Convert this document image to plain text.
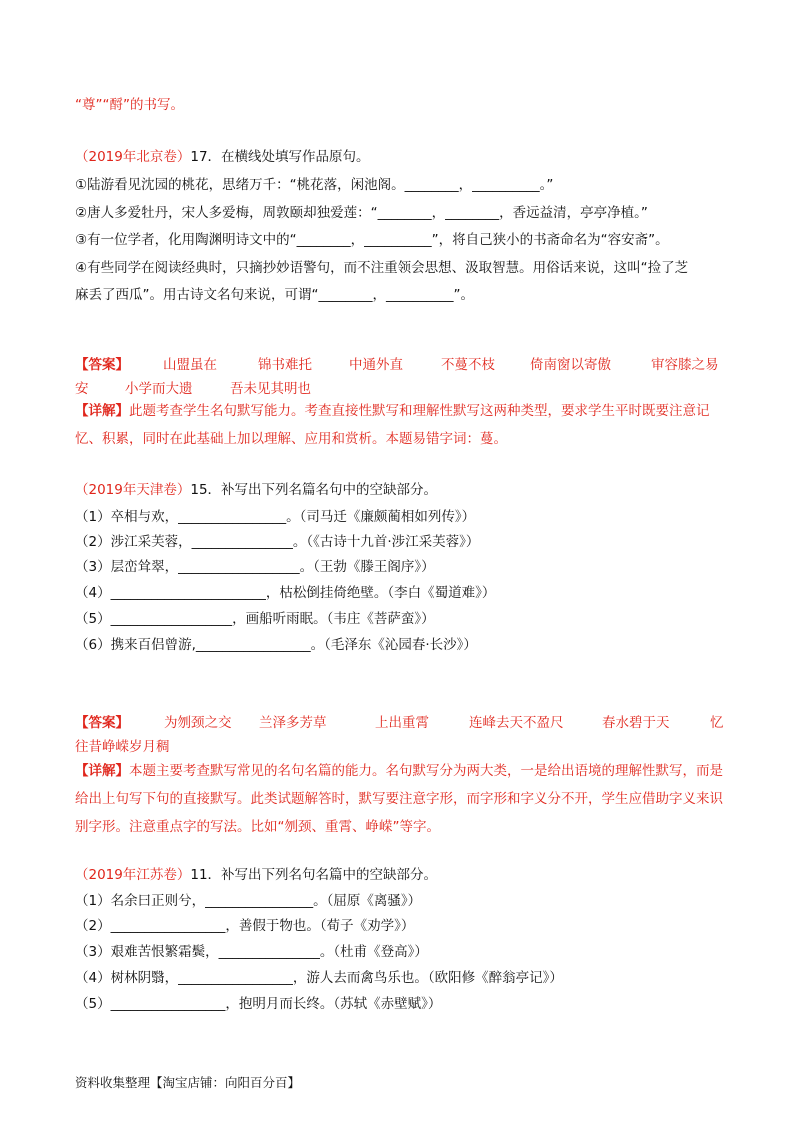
“尊”“酹”的书写。
（2019年北京卷）17．在横线处填写作品原句。
①陆游看见沈园的桃花，思绪万千：“桃花落，闲池阁。________，__________。”
②唐人多爱牡丹，宋人多爱梅，周敦颐却独爱莲：“________，________，香远益清，亭亭净植。”
③有一位学者，化用陶渊明诗文中的“________，__________”，将自己狭小的书斋命名为“容安斋”。
④有些同学在阅读经典时，只摘抄妙语警句，而不注重领会思想、汲取智慧。用俗话来说，这叫“捡了芝
麻丢了西瓜”。用古诗文名句来说，可谓“________，__________”。
【答案】	山盟虽在	锦书难托	中通外直	不蔓不枝	倚南窗以寄傲	审容膝之易
安	小学而大遗	吾未见其明也
【详解】此题考查学生名句默写能力。考查直接性默写和理解性默写这两种类型，要求学生平时既要注意记忆、积累，同时在此基础上加以理解、应用和赏析。本题易错字词：蔓。
（2019年天津卷）15．补写出下列名篇名句中的空缺部分。
（1）卒相与欢，________________。（司马迁《廉颇蔺相如列传》）
（2）涉江采芙蓉，_______________。（《古诗十九首·涉江采芙蓉》）
（3）层峦耸翠，__________________。（王勃《滕王阁序》）
（4）_______________________，枯松倒挂倚绝壁。（李白《蜀道难》）
（5）__________________，画船听雨眠。（韦庄《菩萨蛮》）
（6）携来百侣曾游,_________________。（毛泽东《沁园春·长沙》）
【答案】	为刎颈之交 兰泽多芳草	上出重霄	连峰去天不盈尺	春水碧于天	忆
往昔峥嵘岁月稠
【详解】本题主要考查默写常见的名句名篇的能力。名句默写分为两大类，一是给出语境的理解性默写，而是给出上句写下句的直接默写。此类试题解答时，默写要注意字形，而字形和字义分不开，学生应借助字义来识别字形。注意重点字的写法。比如“刎颈、重霄、峥嵘”等字。
（2019年江苏卷）11．补写出下列名句名篇中的空缺部分。
（1）名余曰正则兮，________________。（屈原《离骚》）
（2）_________________，善假于物也。（荀子《劝学》）
（3）艰难苦恨繁霜鬓，_______________。（杜甫《登高》）
（4）树林阴翳，_________________，游人去而禽鸟乐也。（欧阳修《醉翁亭记》）
（5）_________________，抱明月而长终。（苏轼《赤壁赋》）
资料收集整理【淘宝店铺：向阳百分百】
